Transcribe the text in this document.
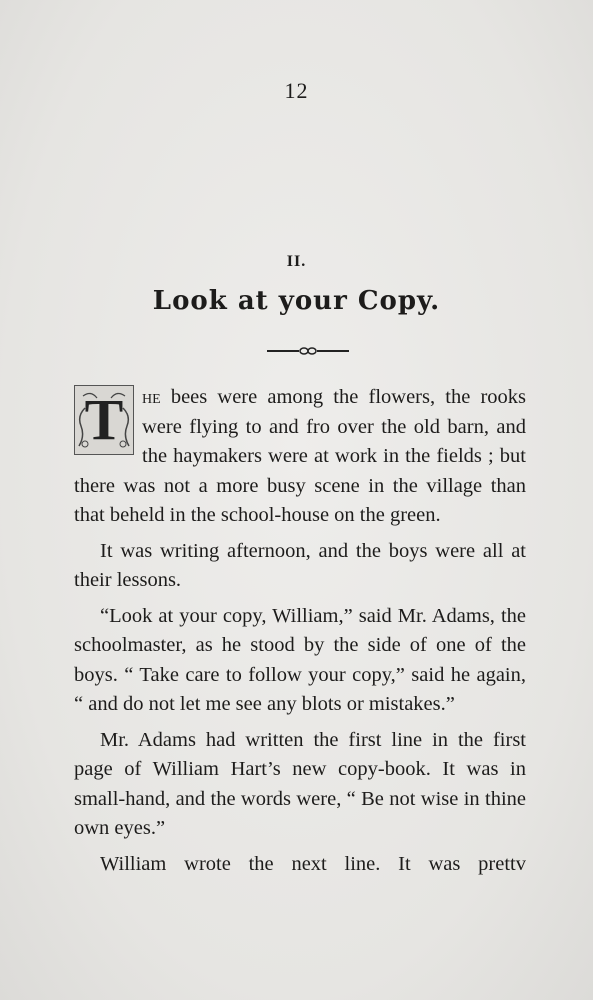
12
II.
Look at your Copy.

T he bees were among the flowers, the rooks were flying to and fro over the old barn, and the haymakers were at work in the fields ; but there was not a more busy scene in the village than that beheld in the school-house on the green.

It was writing afternoon, and the boys were all at their lessons.

“Look at your copy, William,” said Mr. Adams, the schoolmaster, as he stood by the side of one of the boys. “ Take care to follow your copy,” said he again, “ and do not let me see any blots or mistakes.”

Mr. Adams had written the first line in the first page of William Hart’s new copy-book. It was in small-hand, and the words were, “ Be not wise in thine own eyes.”

William wrote the next line. It was prettv
